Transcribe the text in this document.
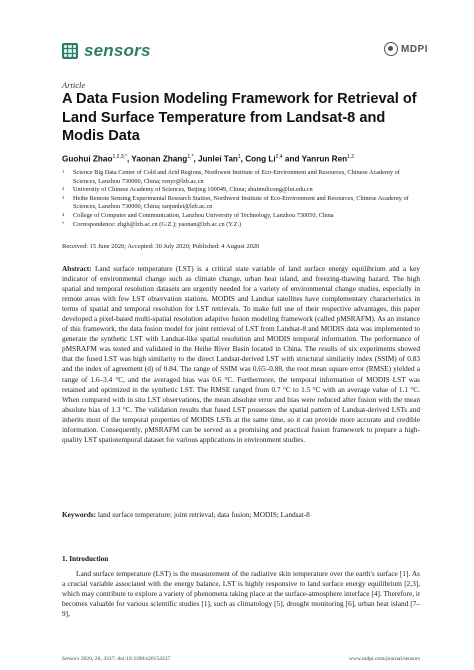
sensors	MDPI
Article
A Data Fusion Modeling Framework for Retrieval of Land Surface Temperature from Landsat-8 and Modis Data
Guohui Zhao$^{1,2,3,*}$, Yaonan Zhang$^{1,*}$, Junlei Tan$^1$, Cong Li$^{2,4}$ and Yanrun Ren$^{1,2}$
1 Science Big Data Center of Cold and Arid Regions, Northwest Institute of Eco-Environment and Resources, Chinese Academy of Sciences, Lanzhou 730000, China; renyr@lzb.ac.cn
2 University of Chinese Academy of Sciences, Beijing 100049, China; shuimulicong@lut.edu.cn
3 Heihe Remote Sensing Experimental Research Station, Northwest Institute of Eco-Environment and Resources, Chinese Academy of Sciences, Lanzhou 730000, China; tanjunlei@lzb.ac.cn
4 College of Computer and Communication, Lanzhou University of Technology, Lanzhou 730050, China
* Correspondence: zhgh@lzb.ac.cn (G.Z.); yaonan@lzb.ac.cn (Y.Z.)
Received: 15 June 2020; Accepted: 30 July 2020; Published: 4 August 2020
Abstract: Land surface temperature (LST) is a critical state variable of land surface energy equilibrium and a key indicator of environmental change such as climate change, urban heat island, and freezing-thawing hazard. The high spatial and temporal resolution datasets are urgently needed for a variety of environmental change studies, especially in remote areas with few LST observation stations. MODIS and Landsat satellites have complementary characteristics in terms of spatial and temporal resolution for LST retrievals. To make full use of their respective advantages, this paper developed a pixel-based multi-spatial resolution adaptive fusion modeling framework (called pMSRAFM). As an instance of this framework, the data fusion model for joint retrieval of LST from Landsat-8 and MODIS data was implemented to generate the synthetic LST with Landsat-like spatial resolution and MODIS temporal information. The performance of pMSRAFM was tested and validated in the Heihe River Basin located in China. The results of six experiments showed that the fused LST was high similarity to the direct Landsat-derived LST with structural similarity index (SSIM) of 0.83 and the index of agreement (d) of 0.84. The range of SSIM was 0.65–0.88, the root mean square error (RMSE) yielded a range of 1.6–3.4 °C, and the averaged bias was 0.6 °C. Furthermore, the temporal information of MODIS LST was retained and optimized in the synthetic LST. The RMSE ranged from 0.7 °C to 1.5 °C with an average value of 1.1 °C. When compared with in situ LST observations, the mean absolute error and bias were reduced after fusion with the mean absolute bias of 1.3 °C. The validation results that fused LST possesses the spatial pattern of Landsat-derived LSTs and inherits most of the temporal properties of MODIS LSTs at the same time, so it can provide more accurate and credible information. Consequently, pMSRAFM can be served as a promising and practical fusion framework to prepare a high-quality LST spatiotemporal dataset for various applications in environment studies.
Keywords: land surface temperature; joint retrieval; data fusion; MODIS; Landsat-8
1. Introduction

Land surface temperature (LST) is the measurement of the radiative skin temperature over the earth's surface [1]. As a crucial variable associated with the energy balance, LST is highly responsive to land surface energy equilibrium [2,3], which may contribute to explore a variety of phenomena taking place at the surface-atmosphere interface [4]. Therefore, it becomes valuable for various scientific studies [1], such as climatology [5], drought monitoring [6], urban heat island [7–9],

Sensors 2020, 20, 4337; doi:10.3390/s20154337	www.mdpi.com/journal/sensors
